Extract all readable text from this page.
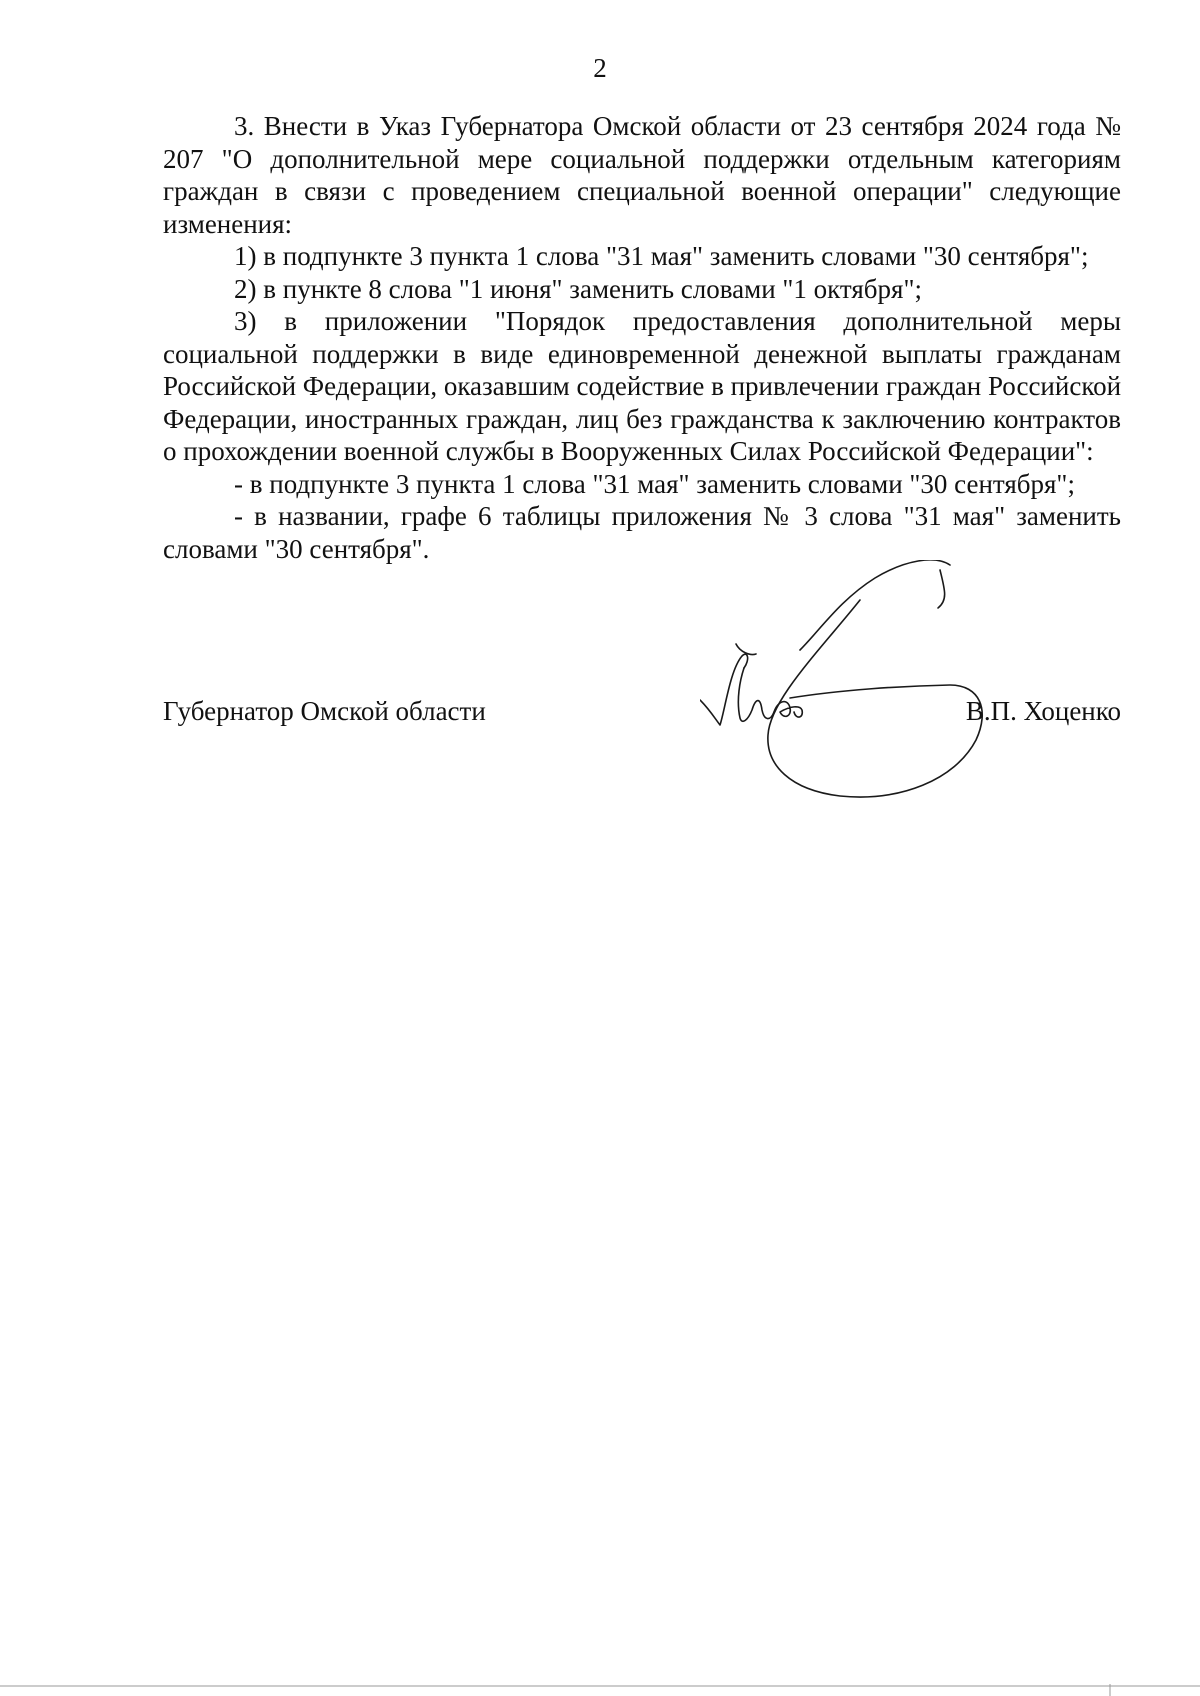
2

3. Внести в Указ Губернатора Омской области от 23 сентября 2024 года № 207 "О дополнительной мере социальной поддержки отдельным категориям граждан в связи с проведением специальной военной операции" следующие изменения:

1) в подпункте 3 пункта 1 слова "31 мая" заменить словами "30 сентября";

2) в пункте 8 слова "1 июня" заменить словами "1 октября";

3) в приложении "Порядок предоставления дополнительной меры социальной поддержки в виде единовременной денежной выплаты гражданам Российской Федерации, оказавшим содействие в привлечении граждан Российской Федерации, иностранных граждан, лиц без гражданства к заключению контрактов о прохождении военной службы в Вооруженных Силах Российской Федерации":

- в подпункте 3 пункта 1 слова "31 мая" заменить словами "30 сентября";

- в названии, графе 6 таблицы приложения № 3 слова "31 мая" заменить словами "30 сентября".

Губернатор Омской области	В.П. Хоценко
